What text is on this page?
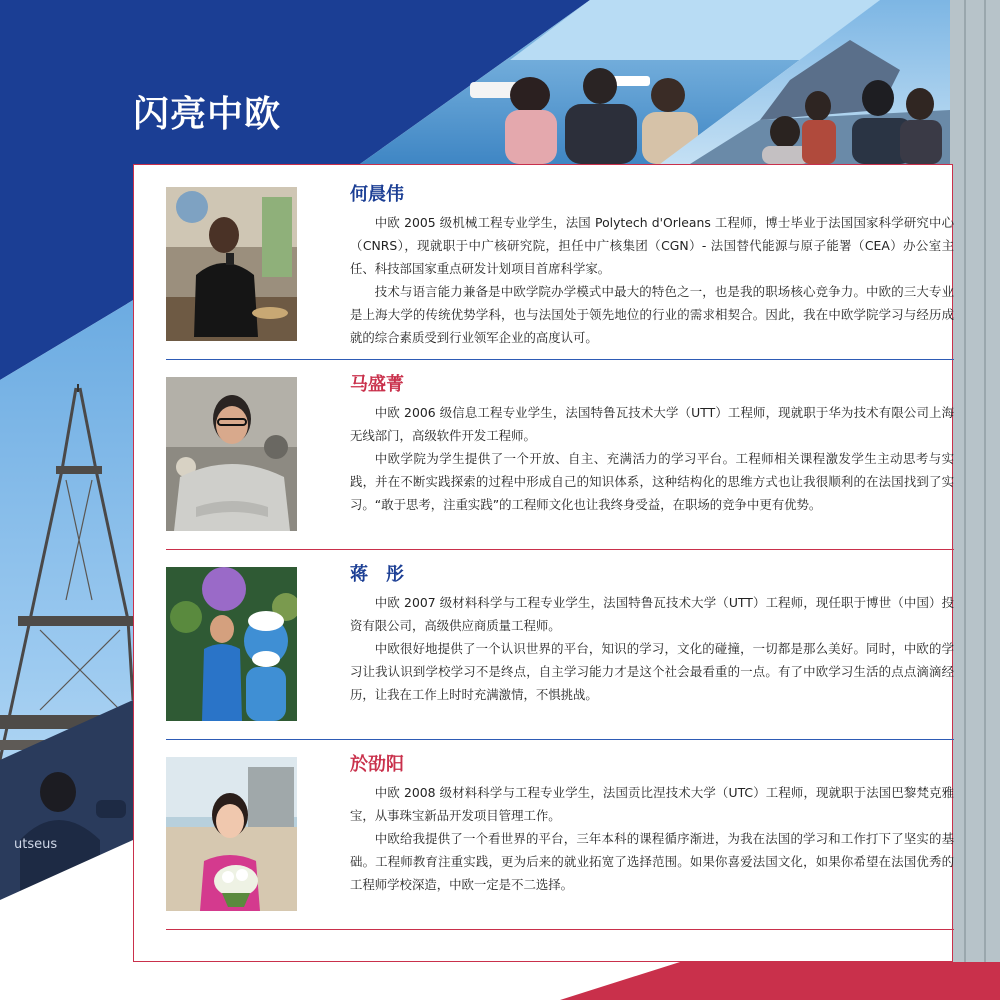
utseus
闪亮中欧
何晨伟

中欧 2005 级机械工程专业学生，法国 Polytech d'Orleans 工程师，博士毕业于法国国家科学研究中心（CNRS），现就职于中广核研究院，担任中广核集团（CGN）- 法国替代能源与原子能署（CEA）办公室主任、科技部国家重点研发计划项目首席科学家。

技术与语言能力兼备是中欧学院办学模式中最大的特色之一，也是我的职场核心竞争力。中欧的三大专业是上海大学的传统优势学科，也与法国处于领先地位的行业的需求相契合。因此，我在中欧学院学习与经历成就的综合素质受到行业领军企业的高度认可。

马盛菁

中欧 2006 级信息工程专业学生，法国特鲁瓦技术大学（UTT）工程师，现就职于华为技术有限公司上海无线部门，高级软件开发工程师。

中欧学院为学生提供了一个开放、自主、充满活力的学习平台。工程师相关课程激发学生主动思考与实践，并在不断实践探索的过程中形成自己的知识体系，这种结构化的思维方式也让我很顺利的在法国找到了实习。“敢于思考，注重实践”的工程师文化也让我终身受益，在职场的竞争中更有优势。

蒋　彤

中欧 2007 级材料科学与工程专业学生，法国特鲁瓦技术大学（UTT）工程师，现任职于博世（中国）投资有限公司，高级供应商质量工程师。

中欧很好地提供了一个认识世界的平台，知识的学习，文化的碰撞，一切都是那么美好。同时，中欧的学习让我认识到学校学习不是终点，自主学习能力才是这个社会最看重的一点。有了中欧学习生活的点点滴滴经历，让我在工作上时时充满激情，不惧挑战。

於劭阳

中欧 2008 级材料科学与工程专业学生，法国贡比涅技术大学（UTC）工程师，现就职于法国巴黎梵克雅宝，从事珠宝新品开发项目管理工作。

中欧给我提供了一个看世界的平台，三年本科的课程循序渐进，为我在法国的学习和工作打下了坚实的基础。工程师教育注重实践，更为后来的就业拓宽了选择范围。如果你喜爱法国文化，如果你希望在法国优秀的工程师学校深造，中欧一定是不二选择。
